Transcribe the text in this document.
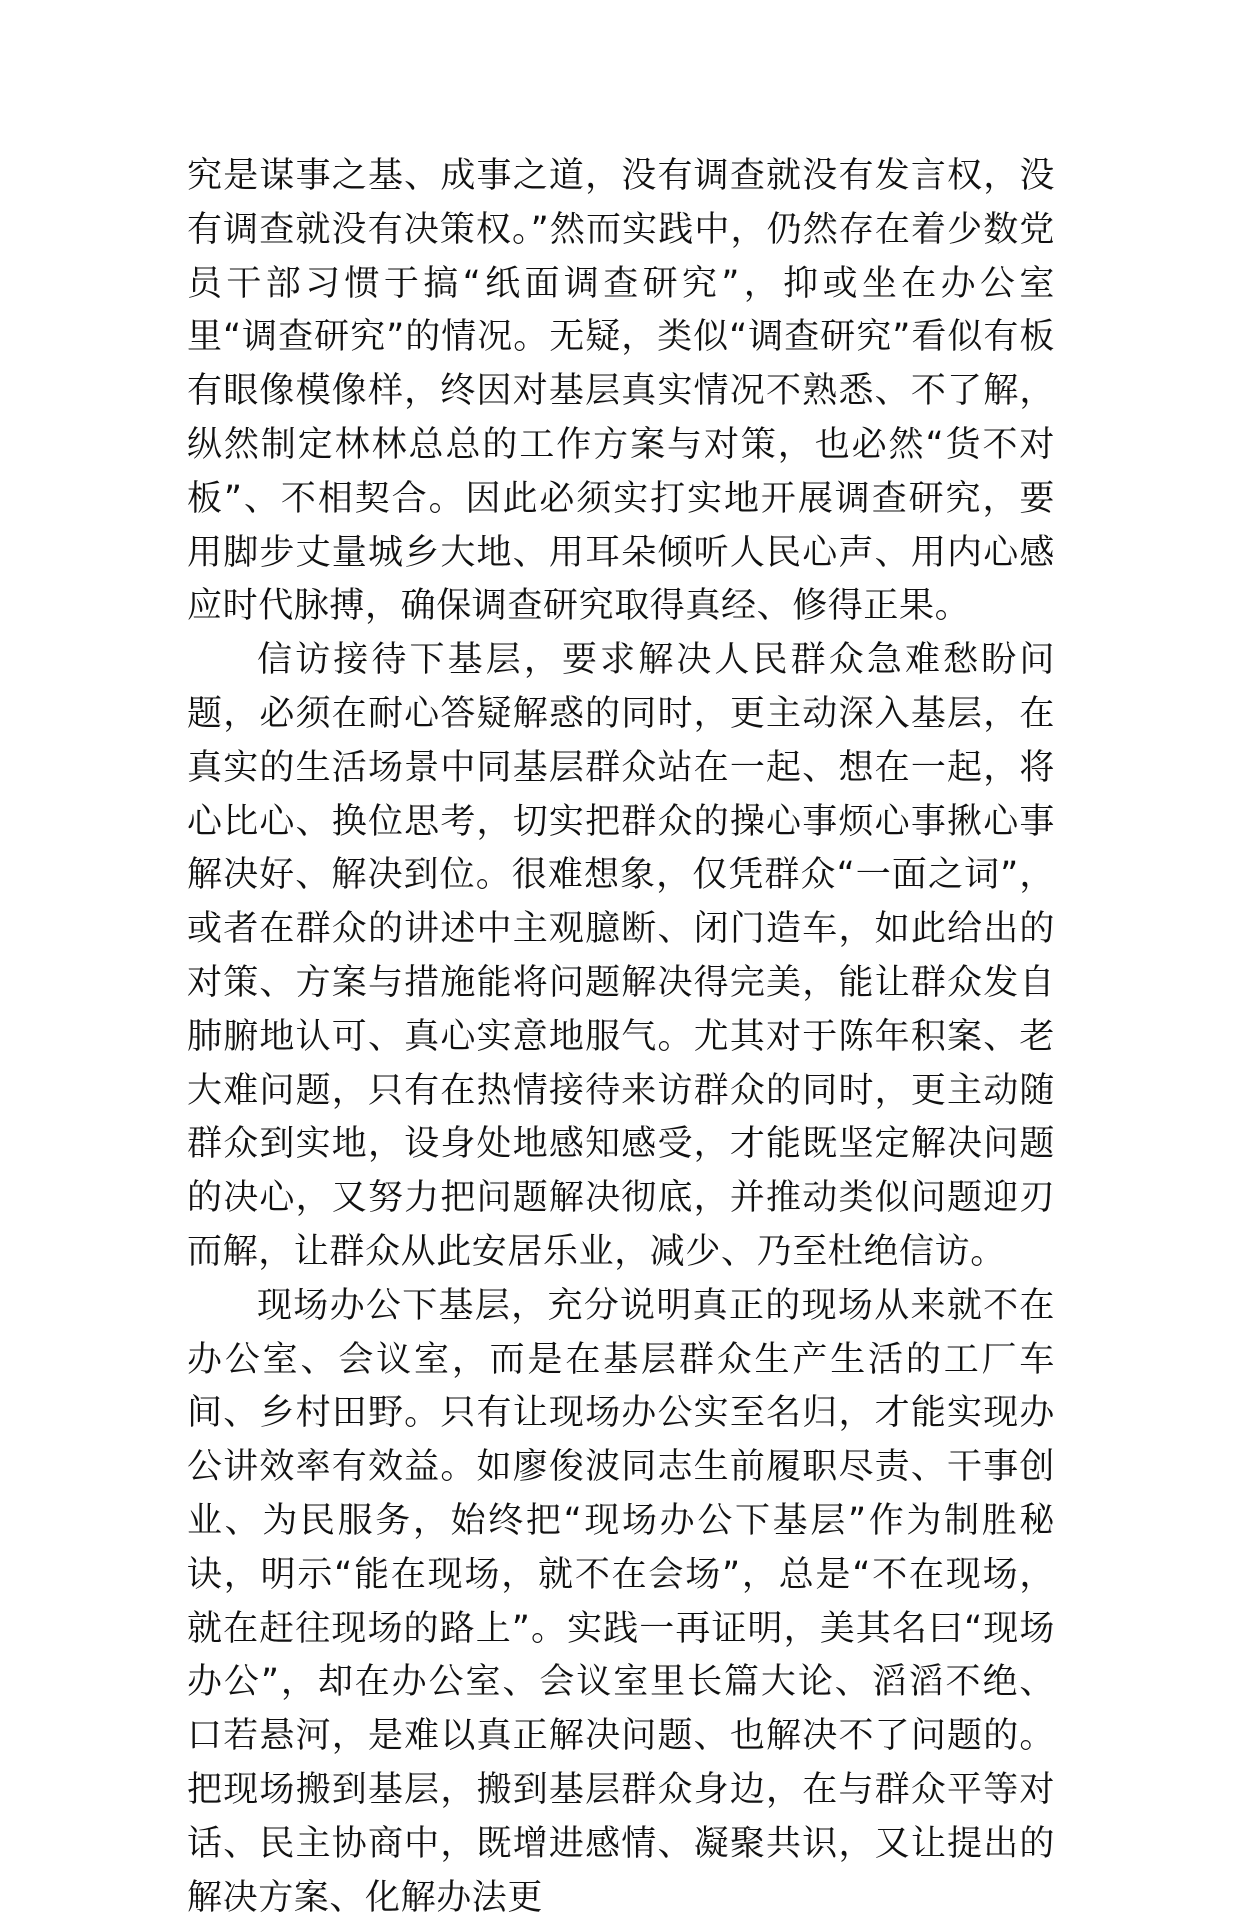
究是谋事之基、成事之道，没有调查就没有发言权，没有调查就没有决策权。”然而实践中，仍然存在着少数党员干部习惯于搞“纸面调查研究”，抑或坐在办公室里“调查研究”的情况。无疑，类似“调查研究”看似有板有眼像模像样，终因对基层真实情况不熟悉、不了解，纵然制定林林总总的工作方案与对策，也必然“货不对板”、不相契合。因此必须实打实地开展调查研究，要用脚步丈量城乡大地、用耳朵倾听人民心声、用内心感应时代脉搏，确保调查研究取得真经、修得正果。

信访接待下基层，要求解决人民群众急难愁盼问题，必须在耐心答疑解惑的同时，更主动深入基层，在真实的生活场景中同基层群众站在一起、想在一起，将心比心、换位思考，切实把群众的操心事烦心事揪心事解决好、解决到位。很难想象，仅凭群众“一面之词”，或者在群众的讲述中主观臆断、闭门造车，如此给出的对策、方案与措施能将问题解决得完美，能让群众发自肺腑地认可、真心实意地服气。尤其对于陈年积案、老大难问题，只有在热情接待来访群众的同时，更主动随群众到实地，设身处地感知感受，才能既坚定解决问题的决心，又努力把问题解决彻底，并推动类似问题迎刃而解，让群众从此安居乐业，减少、乃至杜绝信访。

现场办公下基层，充分说明真正的现场从来就不在办公室、会议室，而是在基层群众生产生活的工厂车间、乡村田野。只有让现场办公实至名归，才能实现办公讲效率有效益。如廖俊波同志生前履职尽责、干事创业、为民服务，始终把“现场办公下基层”作为制胜秘诀，明示“能在现场，就不在会场”，总是“不在现场，就在赶往现场的路上”。实践一再证明，美其名曰“现场办公”，却在办公室、会议室里长篇大论、滔滔不绝、口若悬河，是难以真正解决问题、也解决不了问题的。把现场搬到基层，搬到基层群众身边，在与群众平等对话、民主协商中，既增进感情、凝聚共识，又让提出的解决方案、化解办法更
